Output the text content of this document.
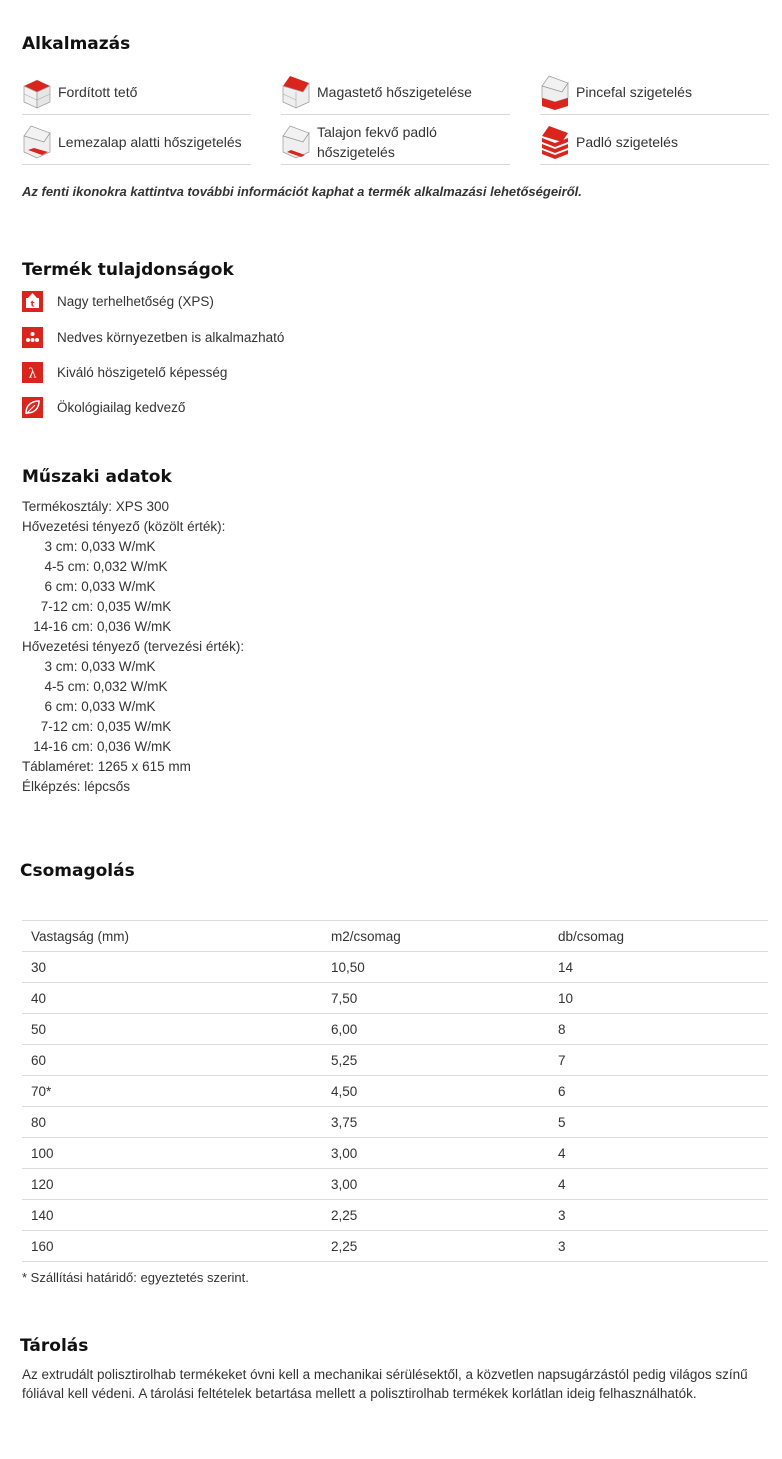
Alkalmazás
Fordított tető	Magastető hőszigetelése	Pincefal szigetelés
Lemezalap alatti hőszigetelés
Talajon fekvő padló
hőszigetelés
Padló szigetelés
Az fenti ikonokra kattintva további információt kaphat a termék alkalmazási lehetőségeiről.
Termék tulajdonságok
t Nagy terhelhetőség (XPS)
Nedves környezetben is alkalmazható
λ Kiváló höszigetelő képesség
Ökológiailag kedvező
Műszaki adatok
Termékosztály: XPS 300
Hővezetési tényező (közölt érték):
3 cm: 0,033 W/mK
4-5 cm: 0,032 W/mK
6 cm: 0,033 W/mK
7-12 cm: 0,035 W/mK
14-16 cm: 0,036 W/mK
Hővezetési tényező (tervezési érték):
3 cm: 0,033 W/mK
4-5 cm: 0,032 W/mK
6 cm: 0,033 W/mK
7-12 cm: 0,035 W/mK
14-16 cm: 0,036 W/mK
Táblaméret: 1265 x 615 mm
Élképzés: lépcsős
Csomagolás
Vastagság (mm)	m2/csomag	db/csomag
30	10,50	14
40	7,50	10
50	6,00	8
60	5,25	7
70*	4,50	6
80	3,75	5
100	3,00	4
120	3,00	4
140	2,25	3
160	2,25	3
* Szállítási határidő: egyeztetés szerint.
Tárolás
Az extrudált polisztirolhab termékeket óvni kell a mechanikai sérülésektől, a közvetlen napsugárzástól pedig világos színű fóliával kell védeni. A tárolási feltételek betartása mellett a polisztirolhab termékek korlátlan ideig felhasználhatók.
